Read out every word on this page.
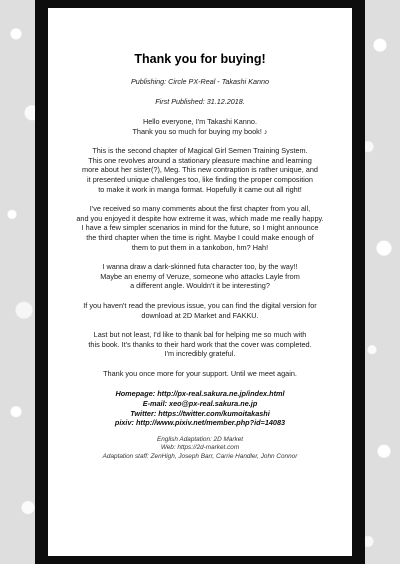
Thank you for buying!

Publishing: Circle PX-Real - Takashi Kanno

First Published: 31.12.2018.

Hello everyone, I'm Takashi Kanno.
Thank you so much for buying my book! ♪

This is the second chapter of Magical Girl Semen Training System.
This one revolves around a stationary pleasure machine and learning
more about her sister(?), Meg. This new contraption is rather unique, and
it presented unique challenges too, like finding the proper composition
to make it work in manga format. Hopefully it came out all right!

I've received so many comments about the first chapter from you all,
and you enjoyed it despite how extreme it was, which made me really happy.
I have a few simpler scenarios in mind for the future, so I might announce
the third chapter when the time is right. Maybe I could make enough of
them to put them in a tankobon, hm? Hah!

I wanna draw a dark-skinned futa character too, by the way!!
Maybe an enemy of Veruze, someone who attacks Layle from
a different angle. Wouldn't it be interesting?

If you haven't read the previous issue, you can find the digital version for
download at 2D Market and FAKKU.

Last but not least, I'd like to thank bal for helping me so much with
this book. It's thanks to their hard work that the cover was completed.
I'm incredibly grateful.

Thank you once more for your support. Until we meet again.

Homepage: http://px-real.sakura.ne.jp/index.html

E-mail: xeo@px-real.sakura.ne.jp

Twitter: https://twitter.com/kumoitakashi

pixiv: http://www.pixiv.net/member.php?id=14083

English Adaptation: 2D Market

Web: https://2d-market.com

Adaptation staff: ZenHigh, Joseph Barr, Carrie Handler, John Connor
